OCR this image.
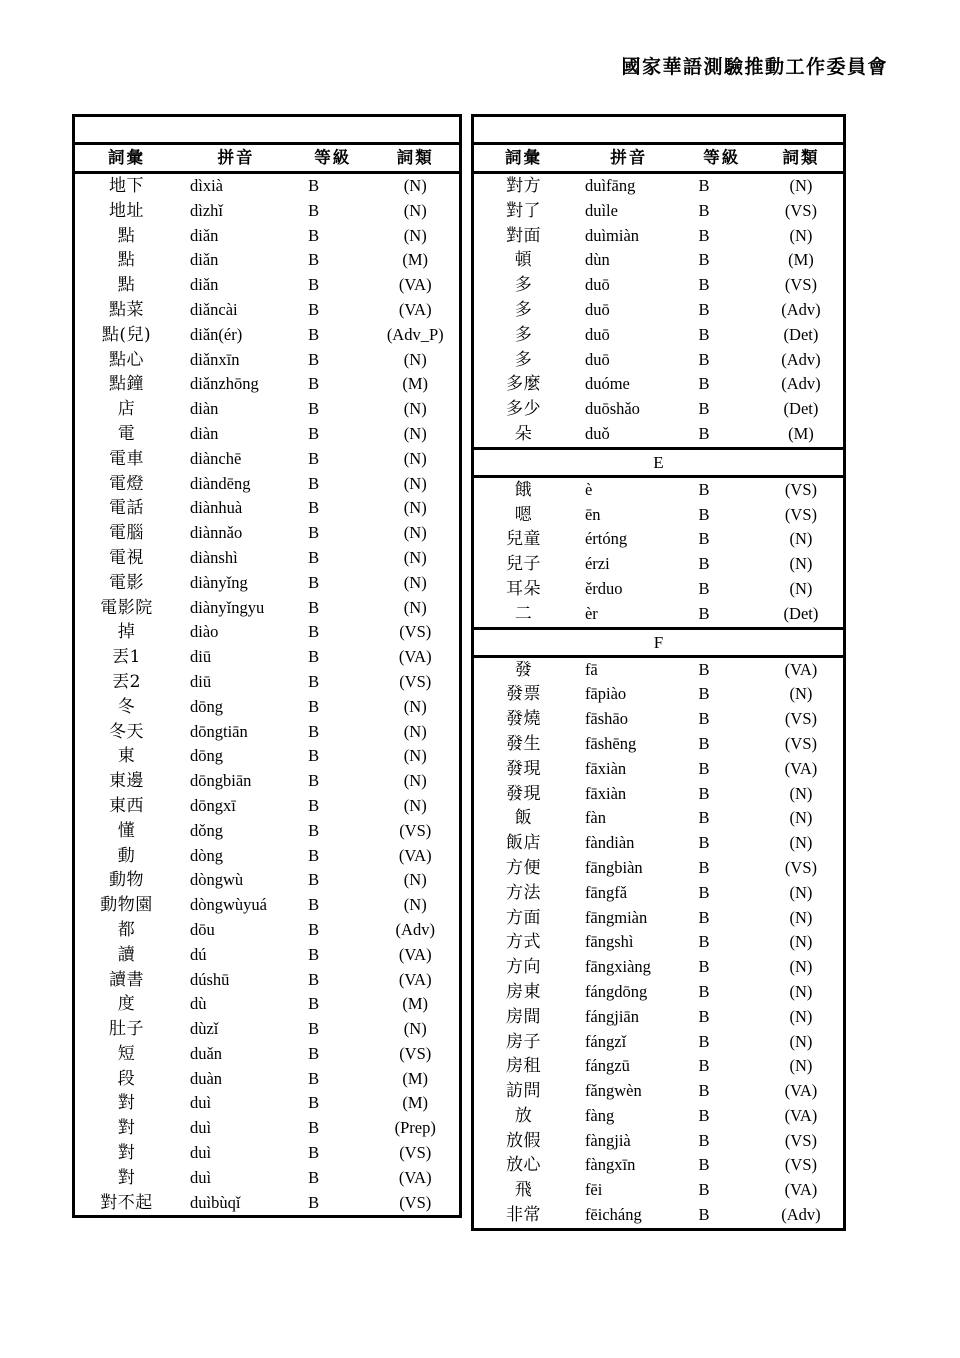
國家華語測驗推動工作委員會

詞彙	拼音	等級	詞類
地下	dìxià	B	(N)
地址	dìzhǐ	B	(N)
點	diǎn	B	(N)
點	diǎn	B	(M)
點	diǎn	B	(VA)
點菜	diǎncài	B	(VA)
點(兒)	diǎn(ér)	B	(Adv_P)
點心	diǎnxīn	B	(N)
點鐘	diǎnzhōng	B	(M)
店	diàn	B	(N)
電	diàn	B	(N)
電車	diànchē	B	(N)
電燈	diàndēng	B	(N)
電話	diànhuà	B	(N)
電腦	diànnǎo	B	(N)
電視	diànshì	B	(N)
電影	diànyǐng	B	(N)
電影院	diànyǐngyu	B	(N)
掉	diào	B	(VS)
丟1	diū	B	(VA)
丟2	diū	B	(VS)
冬	dōng	B	(N)
冬天	dōngtiān	B	(N)
東	dōng	B	(N)
東邊	dōngbiān	B	(N)
東西	dōngxī	B	(N)
懂	dǒng	B	(VS)
動	dòng	B	(VA)
動物	dòngwù	B	(N)
動物園	dòngwùyuá	B	(N)
都	dōu	B	(Adv)
讀	dú	B	(VA)
讀書	dúshū	B	(VA)
度	dù	B	(M)
肚子	dùzǐ	B	(N)
短	duǎn	B	(VS)
段	duàn	B	(M)
對	duì	B	(M)
對	duì	B	(Prep)
對	duì	B	(VS)
對	duì	B	(VA)
對不起	duìbùqǐ	B	(VS)

詞彙	拼音	等級	詞類
對方	duìfāng	B	(N)
對了	duìle	B	(VS)
對面	duìmiàn	B	(N)
頓	dùn	B	(M)
多	duō	B	(VS)
多	duō	B	(Adv)
多	duō	B	(Det)
多	duō	B	(Adv)
多麼	duóme	B	(Adv)
多少	duōshǎo	B	(Det)
朵	duǒ	B	(M)
E			
餓	è	B	(VS)
嗯	ēn	B	(VS)
兒童	értóng	B	(N)
兒子	érzi	B	(N)
耳朵	ěrduo	B	(N)
二	èr	B	(Det)
F			
發	fā	B	(VA)
發票	fāpiào	B	(N)
發燒	fāshāo	B	(VS)
發生	fāshēng	B	(VS)
發現	fāxiàn	B	(VA)
發現	fāxiàn	B	(N)
飯	fàn	B	(N)
飯店	fàndiàn	B	(N)
方便	fāngbiàn	B	(VS)
方法	fāngfǎ	B	(N)
方面	fāngmiàn	B	(N)
方式	fāngshì	B	(N)
方向	fāngxiàng	B	(N)
房東	fángdōng	B	(N)
房間	fángjiān	B	(N)
房子	fángzǐ	B	(N)
房租	fángzū	B	(N)
訪問	fǎngwèn	B	(VA)
放	fàng	B	(VA)
放假	fàngjià	B	(VS)
放心	fàngxīn	B	(VS)
飛	fēi	B	(VA)
非常	fēicháng	B	(Adv)
